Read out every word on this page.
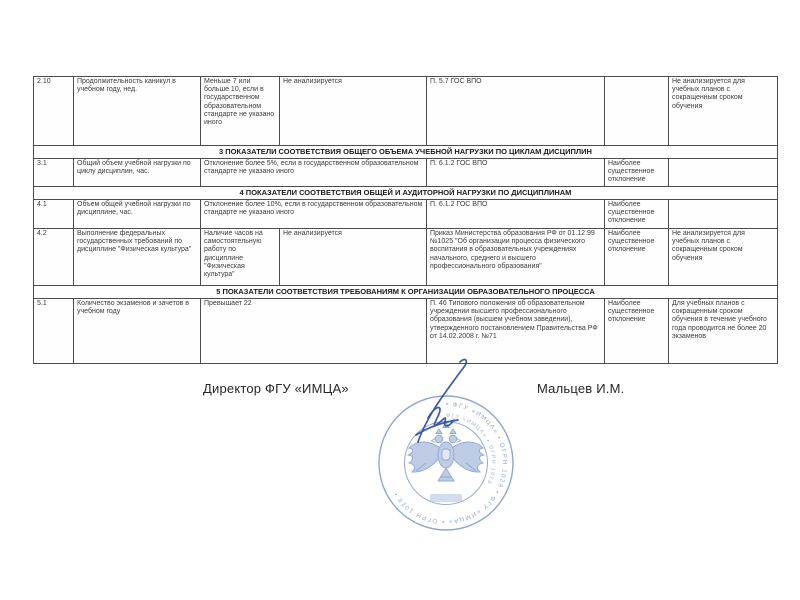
2.10	Продолжительность каникул в учебном году, нед.	Меньше 7 или больше 10, если в государственном образовательном стандарте не указано иного	Не анализируется	П. 5.7 ГОС ВПО		Не анализируется для учебных планов с сокращенным сроком обучения
3 ПОКАЗАТЕЛИ СООТВЕТСТВИЯ ОБЩЕГО ОБЪЕМА УЧЕБНОЙ НАГРУЗКИ ПО ЦИКЛАМ ДИСЦИПЛИН						
3.1	Общий объем учебной нагрузки по циклу дисциплин, час.	Отклонение более 5%, если в государственном образовательном стандарте не указано иного		П. 6.1.2 ГОС ВПО	Наиболее существенное отклонение	
4 ПОКАЗАТЕЛИ СООТВЕТСТВИЯ ОБЩЕЙ И АУДИТОРНОЙ НАГРУЗКИ ПО ДИСЦИПЛИНАМ						
4.1	Объем общей учебной нагрузки по дисциплине, час.	Отклонение более 10%, если в государственном образовательном стандарте не указано иного		П. 6.1.2 ГОС ВПО	Наиболее существенное отклонение	
4.2	Выполнение федеральных государственных требований по дисциплине "Физическая культура"	Наличие часов на самостоятельную работу по дисциплине "Физическая культура"	Не анализируется	Приказ Министерства образования РФ от 01.12.99 №1025 "Об организации процесса физического воспитания в образовательных учреждениях начального, среднего и высшего профессионального образования"	Наиболее существенное отклонение	Не анализируется для учебных планов с сокращенным сроком обучения
5 ПОКАЗАТЕЛИ СООТВЕТСТВИЯ ТРЕБОВАНИЯМ К ОРГАНИЗАЦИИ ОБРАЗОВАТЕЛЬНОГО ПРОЦЕССА						
5.1	Количество экзаменов и зачетов в учебном году	Превышает 22		П. 46 Типового положения об образовательном учреждении высшего профессионального образования (высшем учебном заведении), утвержденного постановлением Правительства РФ от 14.02.2008 г. №71	Наиболее существенное отклонение	Для учебных планов с сокращенным сроком обучения в течение учебного года проводится не более 20 экзаменов
Директор ФГУ «ИМЦА»	Мальцев И.М.
• ФГУ «ИМЦА» • ОГРН 1028 • ФГУ «ИМЦА» • ОГРН 1028 •
ФГУ «ИМЦА» • ОГРН 1028
